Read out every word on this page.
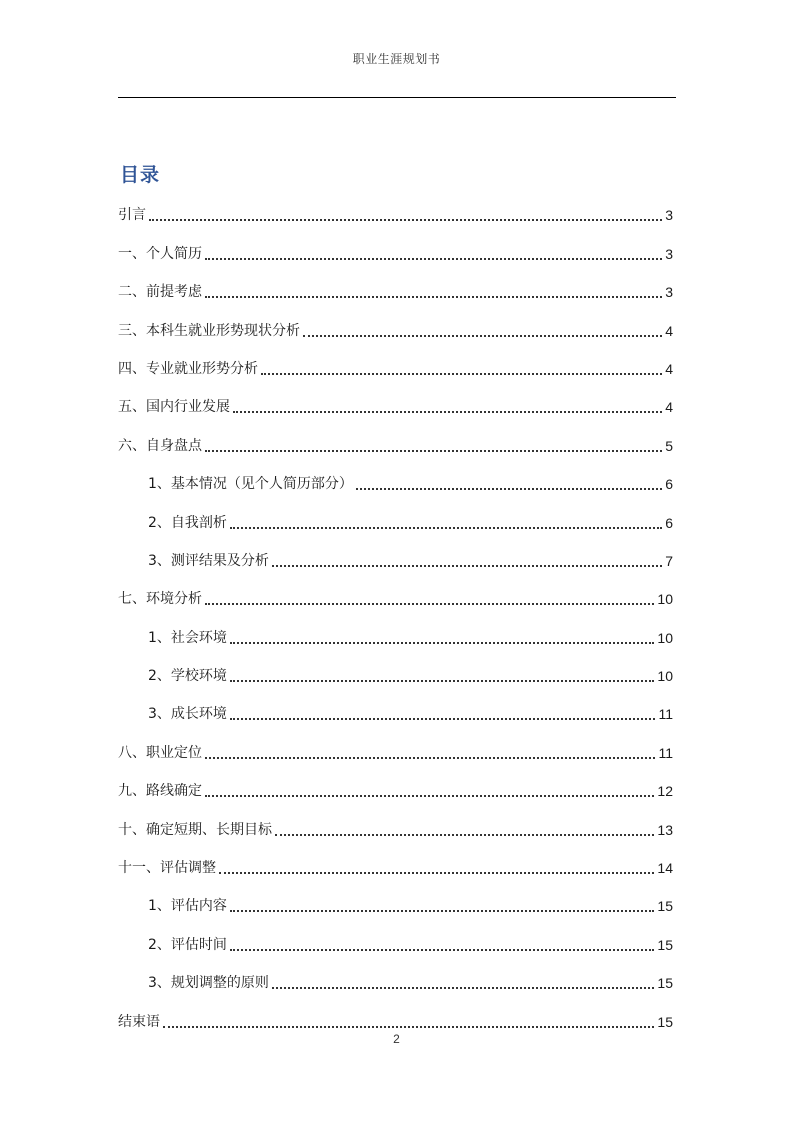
职业生涯规划书
目录
引言	3
一、个人简历	3
二、前提考虑	3
三、本科生就业形势现状分析	4
四、专业就业形势分析	4
五、国内行业发展	4
六、自身盘点	5
1、基本情况（见个人简历部分）	6
2、自我剖析	6
3、测评结果及分析	7
七、环境分析	10
1、社会环境	10
2、学校环境	10
3、成长环境	11
八、职业定位	11
九、路线确定	12
十、确定短期、长期目标	13
十一、评估调整	14
1、评估内容	15
2、评估时间	15
3、规划调整的原则	15
结束语	15
2
